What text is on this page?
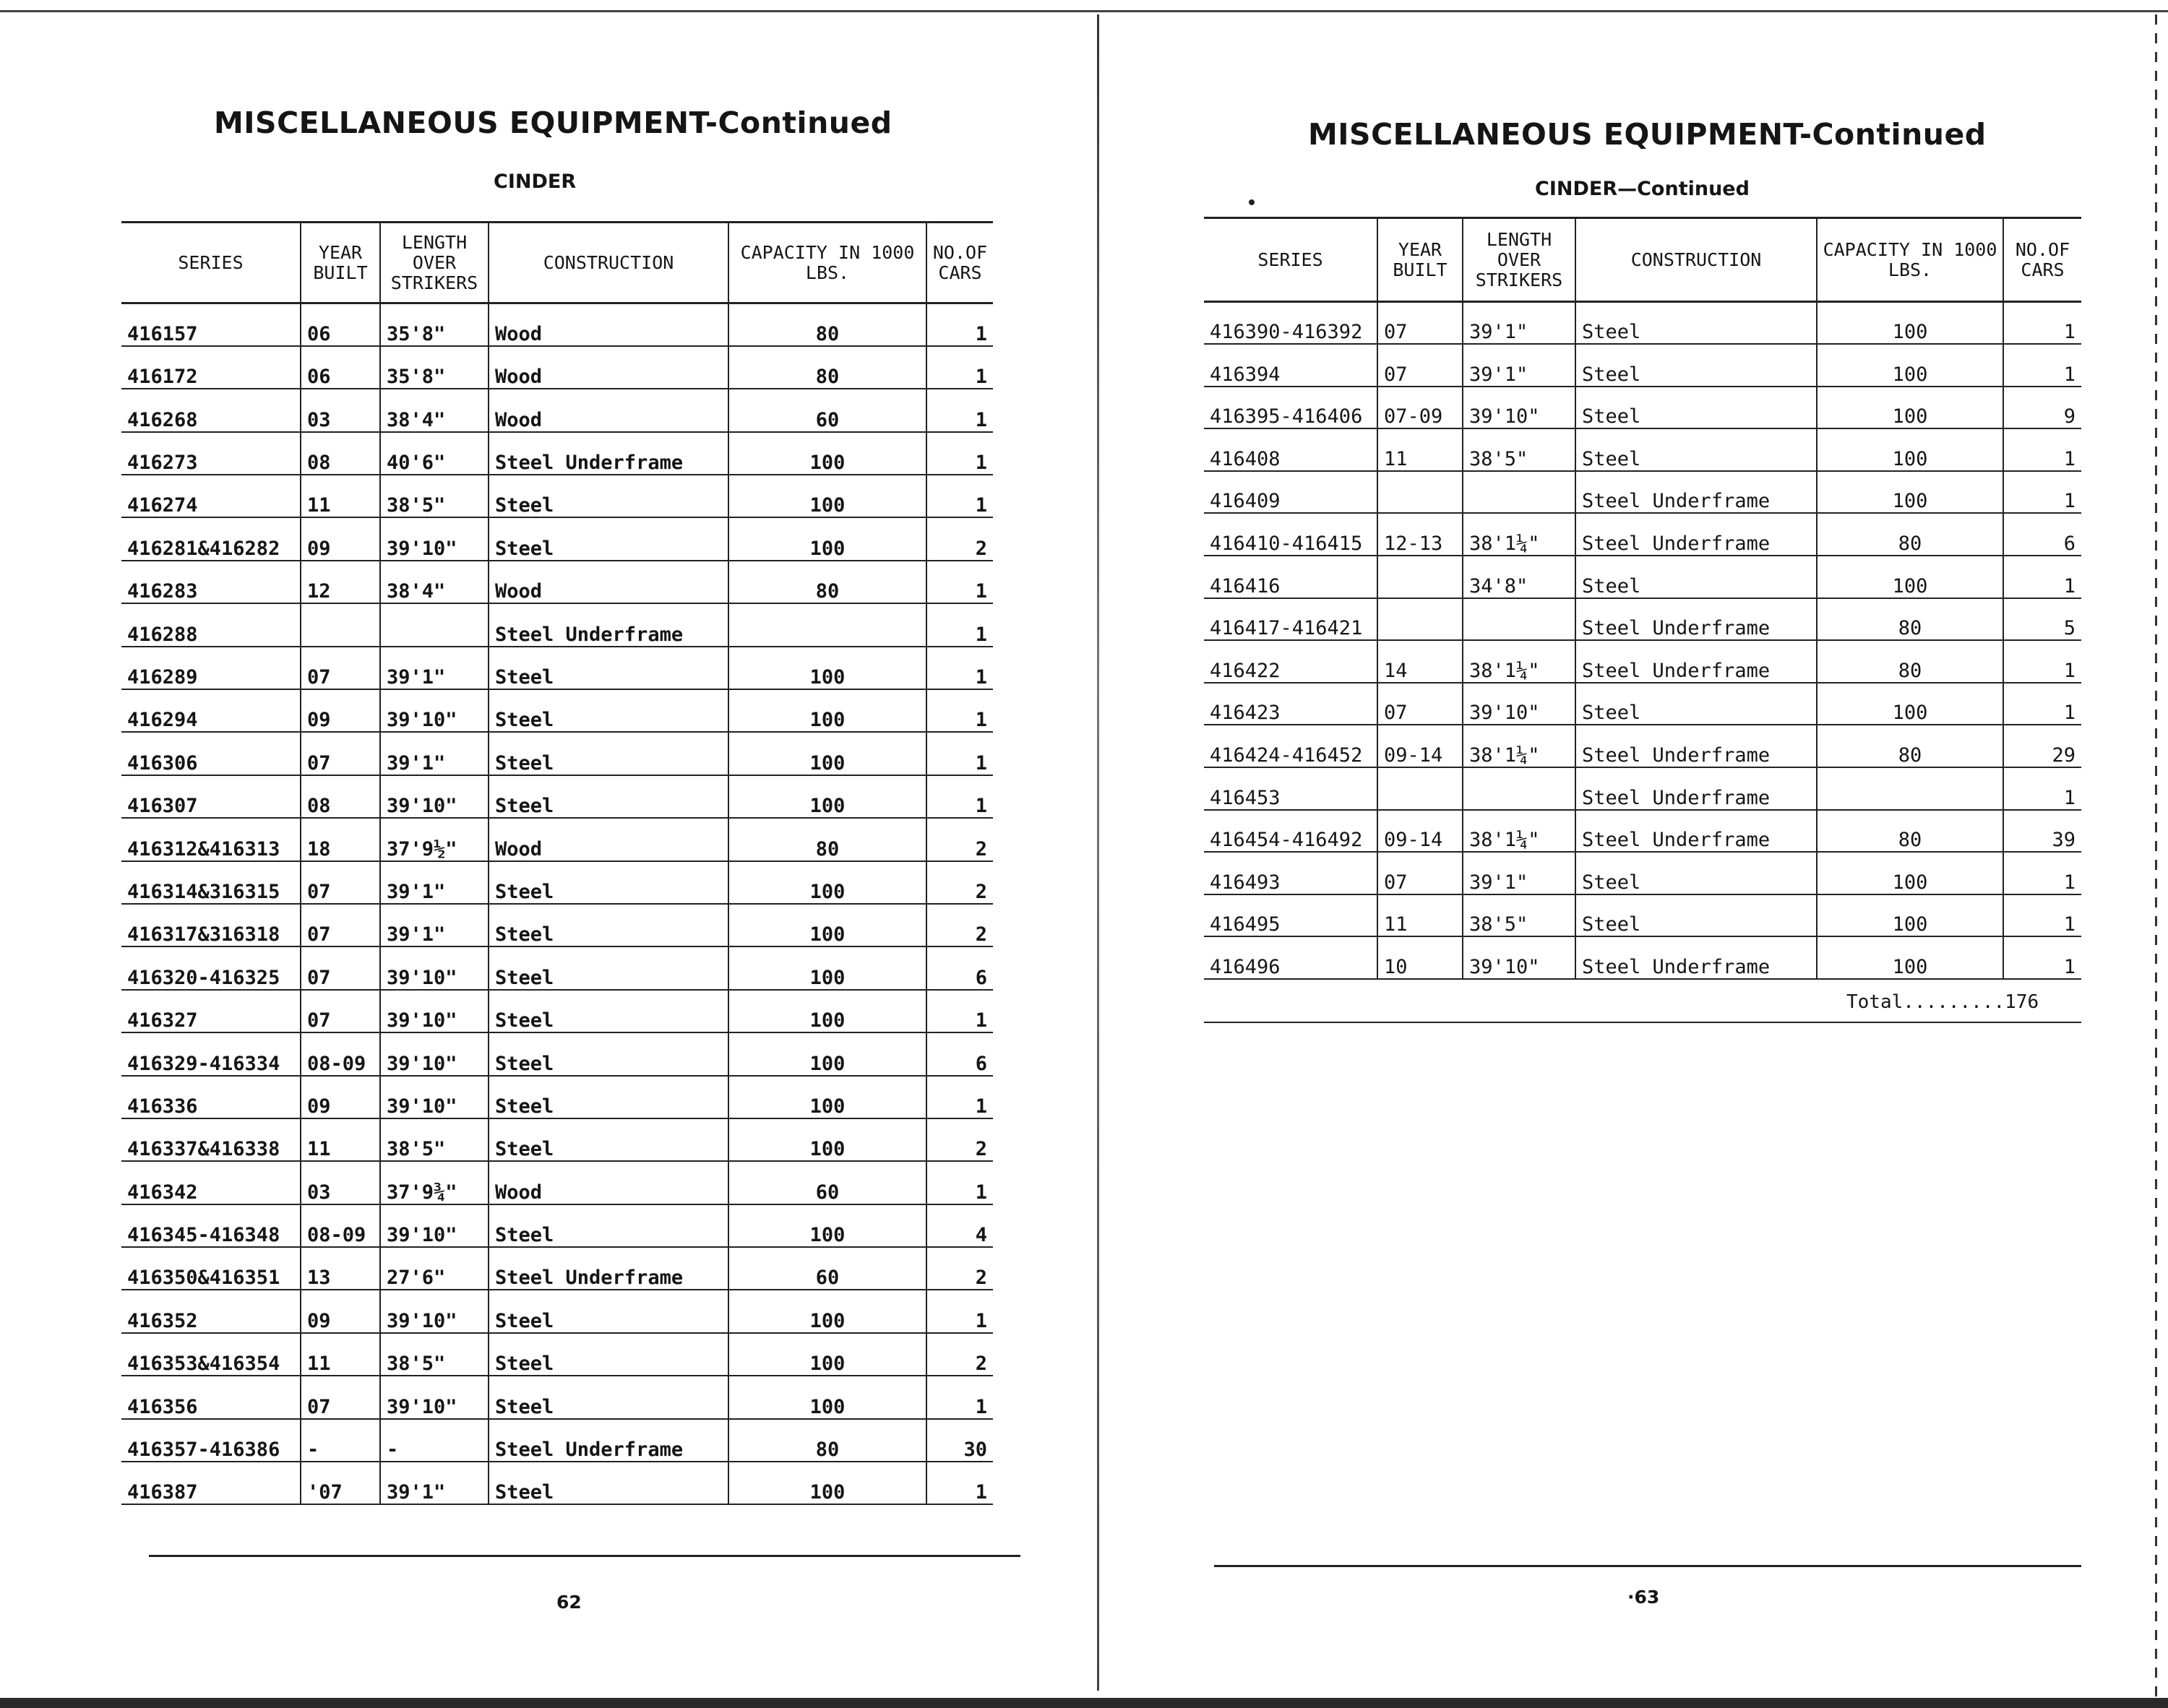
MISCELLANEOUS EQUIPMENT-Continued
CINDER
SERIES	YEAR BUILT	LENGTH OVER STRIKERS	CONSTRUCTION	CAPACITY IN 1000 LBS.	NO.OF CARS
416157	06	35'8"	Wood	80	1
416172	06	35'8"	Wood	80	1
416268	03	38'4"	Wood	60	1
416273	08	40'6"	Steel Underframe	100	1
416274	11	38'5"	Steel	100	1
416281&416282	09	39'10"	Steel	100	2
416283	12	38'4"	Wood	80	1
416288			Steel Underframe		1
416289	07	39'1"	Steel	100	1
416294	09	39'10"	Steel	100	1
416306	07	39'1"	Steel	100	1
416307	08	39'10"	Steel	100	1
416312&416313	18	37'9½"	Wood	80	2
416314&316315	07	39'1"	Steel	100	2
416317&316318	07	39'1"	Steel	100	2
416320-416325	07	39'10"	Steel	100	6
416327	07	39'10"	Steel	100	1
416329-416334	08-09	39'10"	Steel	100	6
416336	09	39'10"	Steel	100	1
416337&416338	11	38'5"	Steel	100	2
416342	03	37'9¾"	Wood	60	1
416345-416348	08-09	39'10"	Steel	100	4
416350&416351	13	27'6"	Steel Underframe	60	2
416352	09	39'10"	Steel	100	1
416353&416354	11	38'5"	Steel	100	2
416356	07	39'10"	Steel	100	1
416357-416386	-	-	Steel Underframe	80	30
416387	'07	39'1"	Steel	100	1
62
MISCELLANEOUS EQUIPMENT-Continued
CINDER—Continued
SERIES	YEAR BUILT	LENGTH OVER STRIKERS	CONSTRUCTION	CAPACITY IN 1000 LBS.	NO.OF CARS
416390-416392	07	39'1"	Steel	100	1
416394	07	39'1"	Steel	100	1
416395-416406	07-09	39'10"	Steel	100	9
416408	11	38'5"	Steel	100	1
416409			Steel Underframe	100	1
416410-416415	12-13	38'1¼"	Steel Underframe	80	6
416416		34'8"	Steel	100	1
416417-416421			Steel Underframe	80	5
416422	14	38'1¼"	Steel Underframe	80	1
416423	07	39'10"	Steel	100	1
416424-416452	09-14	38'1¼"	Steel Underframe	80	29
416453			Steel Underframe		1
416454-416492	09-14	38'1¼"	Steel Underframe	80	39
416493	07	39'1"	Steel	100	1
416495	11	38'5"	Steel	100	1
416496	10	39'10"	Steel Underframe	100	1
Total.........176
·63
